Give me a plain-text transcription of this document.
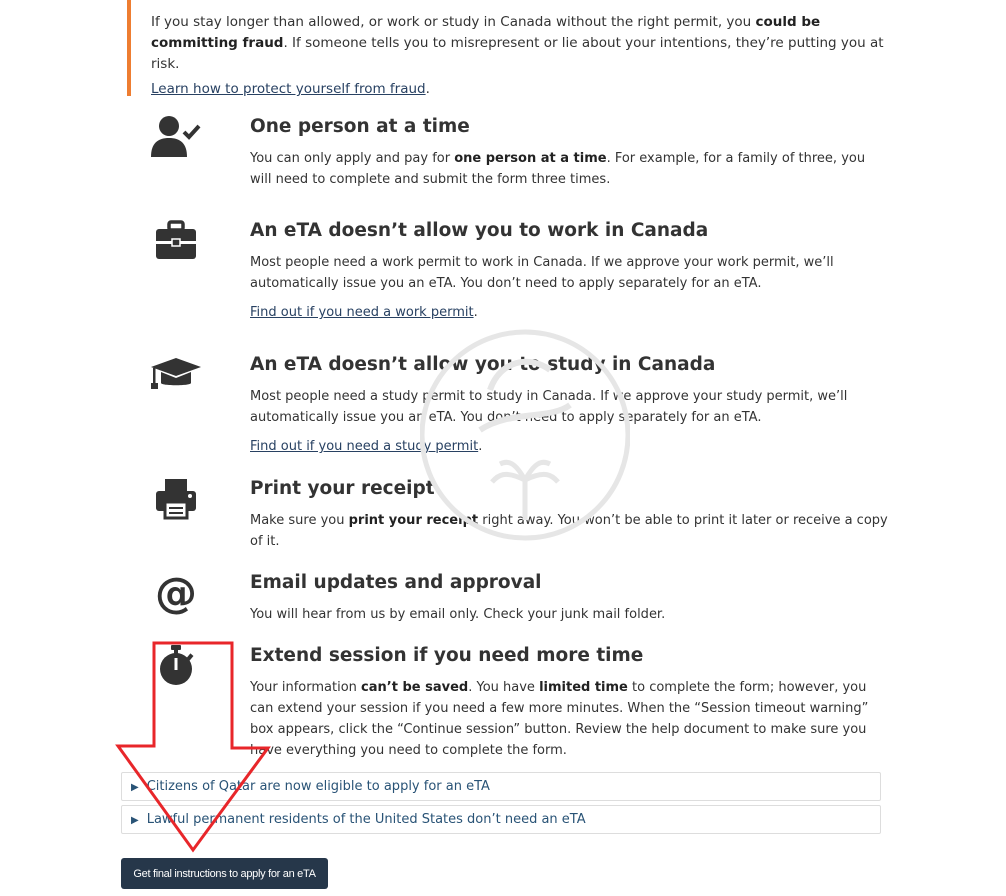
If you stay longer than allowed, or work or study in Canada without the right permit, you could be committing fraud. If someone tells you to misrepresent or lie about your intentions, they’re putting you at risk.

Learn how to protect yourself from fraud.

One person at a time

You can only apply and pay for one person at a time. For example, for a family of three, you will need to complete and submit the form three times.

An eTA doesn’t allow you to work in Canada

Most people need a work permit to work in Canada. If we approve your work permit, we’ll automatically issue you an eTA. You don’t need to apply separately for an eTA.

Find out if you need a work permit.

An eTA doesn’t allow you to study in Canada

Most people need a study permit to study in Canada. If we approve your study permit, we’ll automatically issue you an eTA. You don’t need to apply separately for an eTA.

Find out if you need a study permit.

Print your receipt

Make sure you print your receipt right away. You won’t be able to print it later or receive a copy of it.

@	Email updates and approval

You will hear from us by email only. Check your junk mail folder.

Extend session if you need more time

Your information can’t be saved. You have limited time to complete the form; however, you can extend your session if you need a few more minutes. When the “Session timeout warning” box appears, click the “Continue session” button. Review the help document to make sure you have everything you need to complete the form.

▶ Citizens of Qatar are now eligible to apply for an eTA
▶ Lawful permanent residents of the United States don’t need an eTA
Get final instructions to apply for an eTA
